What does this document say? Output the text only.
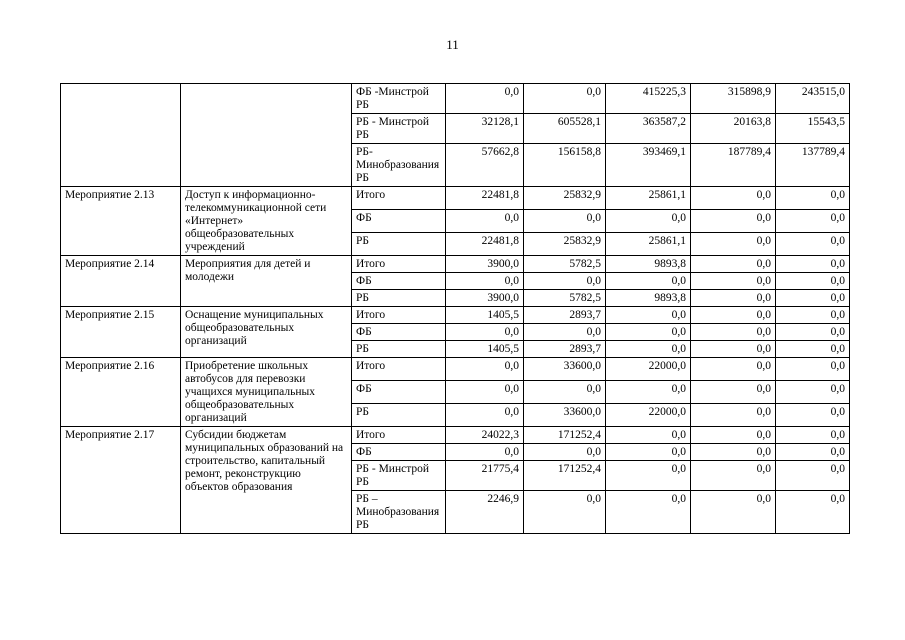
11
		ФБ -Минстрой РБ	0,0	0,0	415225,3	315898,9	243515,0
		РБ - Минстрой РБ	32128,1	605528,1	363587,2	20163,8	15543,5
		РБ-Минобразования РБ	57662,8	156158,8	393469,1	187789,4	137789,4
Мероприятие 2.13	Доступ к информационно-телекоммуникационной сети «Интернет» общеобразовательных учреждений	Итого	22481,8	25832,9	25861,1	0,0	0,0
		ФБ	0,0	0,0	0,0	0,0	0,0
		РБ	22481,8	25832,9	25861,1	0,0	0,0
Мероприятие 2.14	Мероприятия для детей и молодежи	Итого	3900,0	5782,5	9893,8	0,0	0,0
		ФБ	0,0	0,0	0,0	0,0	0,0
		РБ	3900,0	5782,5	9893,8	0,0	0,0
Мероприятие 2.15	Оснащение муниципальных общеобразовательных организаций	Итого	1405,5	2893,7	0,0	0,0	0,0
		ФБ	0,0	0,0	0,0	0,0	0,0
		РБ	1405,5	2893,7	0,0	0,0	0,0
Мероприятие 2.16	Приобретение школьных автобусов для перевозки учащихся муниципальных общеобразовательных организаций	Итого	0,0	33600,0	22000,0	0,0	0,0
		ФБ	0,0	0,0	0,0	0,0	0,0
		РБ	0,0	33600,0	22000,0	0,0	0,0
Мероприятие 2.17	Субсидии бюджетам муниципальных образований на строительство, капитальный ремонт, реконструкцию объектов образования	Итого	24022,3	171252,4	0,0	0,0	0,0
		ФБ	0,0	0,0	0,0	0,0	0,0
		РБ - Минстрой РБ	21775,4	171252,4	0,0	0,0	0,0
		РБ – Минобразования РБ	2246,9	0,0	0,0	0,0	0,0
